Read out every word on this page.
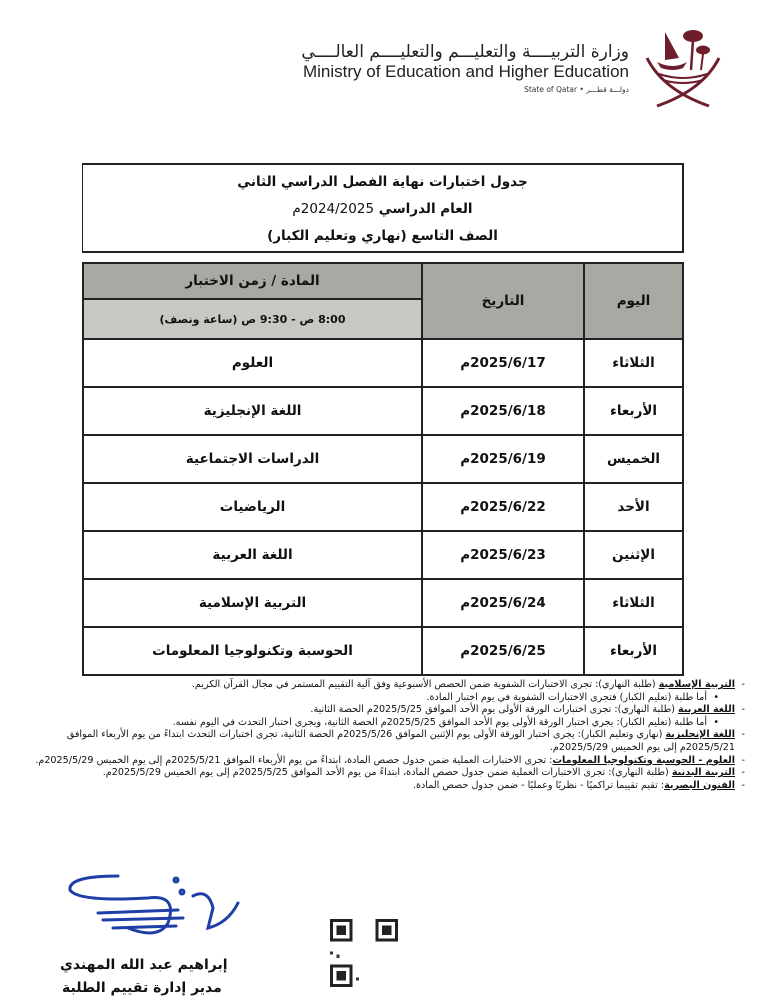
وزارة التربيــــة والتعليـــم والتعليــــم العالــــي
Ministry of Education and Higher Education
State of Qatar • دولـــة قطـــر
جدول اختبارات نهاية الفصل الدراسي الثاني
العام الدراسي 2024/2025م
الصف التاسع (نهاري وتعليم الكبار)
اليوم	التاريخ	المادة / زمن الاختبار
		8:00 ص - 9:30 ص (ساعة ونصف)
الثلاثاء	2025/6/17م	العلوم
الأربعاء	2025/6/18م	اللغة الإنجليزية
الخميس	2025/6/19م	الدراسات الاجتماعية
الأحد	2025/6/22م	الرياضيات
الإثنين	2025/6/23م	اللغة العربية
الثلاثاء	2025/6/24م	التربية الإسلامية
الأربعاء	2025/6/25م	الحوسبة وتكنولوجيا المعلومات
- التربية الإسلامية (طلبة النهاري): تجرى الاختبارات الشفوية ضمن الحصص الأسبوعية وفق آلية التقييم المستمر في مجال القرآن الكريم.
• أما طلبة (تعليم الكبار) فتجرى الاختبارات الشفوية في يوم اختبار المادة.
- اللغة العربية (طلبة النهاري): تجرى اختبارات الورقة الأولى يوم الأحد الموافق 2025/5/25م الحصة الثانية.
• أما طلبة (تعليم الكبار): يجري اختبار الورقة الأولى يوم الأحد الموافق 2025/5/25م الحصة الثانية، ويجرى اختبار التحدث في اليوم نفسه.
- اللغة الإنجليزية (نهاري وتعليم الكبار): يجرى اختبار الورقة الأولى يوم الإثنين الموافق 2025/5/26م الحصة الثانية، تجرى اختبارات التحدث ابتداءً من يوم الأربعاء الموافق 2025/5/21م إلى يوم الخميس 2025/5/29م.
- العلوم - الحوسبة وتكنولوجيا المعلومات: تجرى الاختبارات العملية ضمن جدول حصص المادة، ابتداءً من يوم الأربعاء الموافق 2025/5/21م إلى يوم الخميس 2025/5/29م.
- التربية البدنية (طلبة النهاري): تجرى الاختبارات العملية ضمن جدول حصص المادة، ابتداءً من يوم الأحد الموافق 2025/5/25م إلى يوم الخميس 2025/5/29م.
- الفنون البصرية: تقيم تقييما تراكميًا - نظريًا وعمليًا - ضمن جدول حصص المادة.
إبراهيم عبد الله المهندي
مدير إدارة تقييم الطلبة
